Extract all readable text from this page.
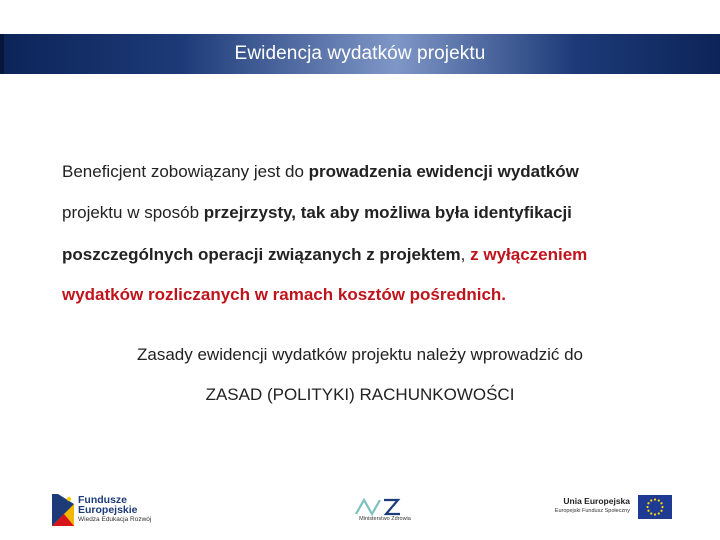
Ewidencja wydatków projektu
Beneficjent zobowiązany jest do prowadzenia ewidencji wydatków
projektu w sposób przejrzysty, tak aby możliwa była identyfikacji
poszczególnych operacji związanych z projektem, z wyłączeniem
wydatków rozliczanych w ramach kosztów pośrednich.
Zasady ewidencji wydatków projektu należy wprowadzić do
ZASAD (POLITYKI) RACHUNKOWOŚCI
Fundusze
Europejskie
Wiedza Edukacja Rozwój	Ministerstwo Zdrowia
Unia Europejska
Europejski Fundusz Społeczny
